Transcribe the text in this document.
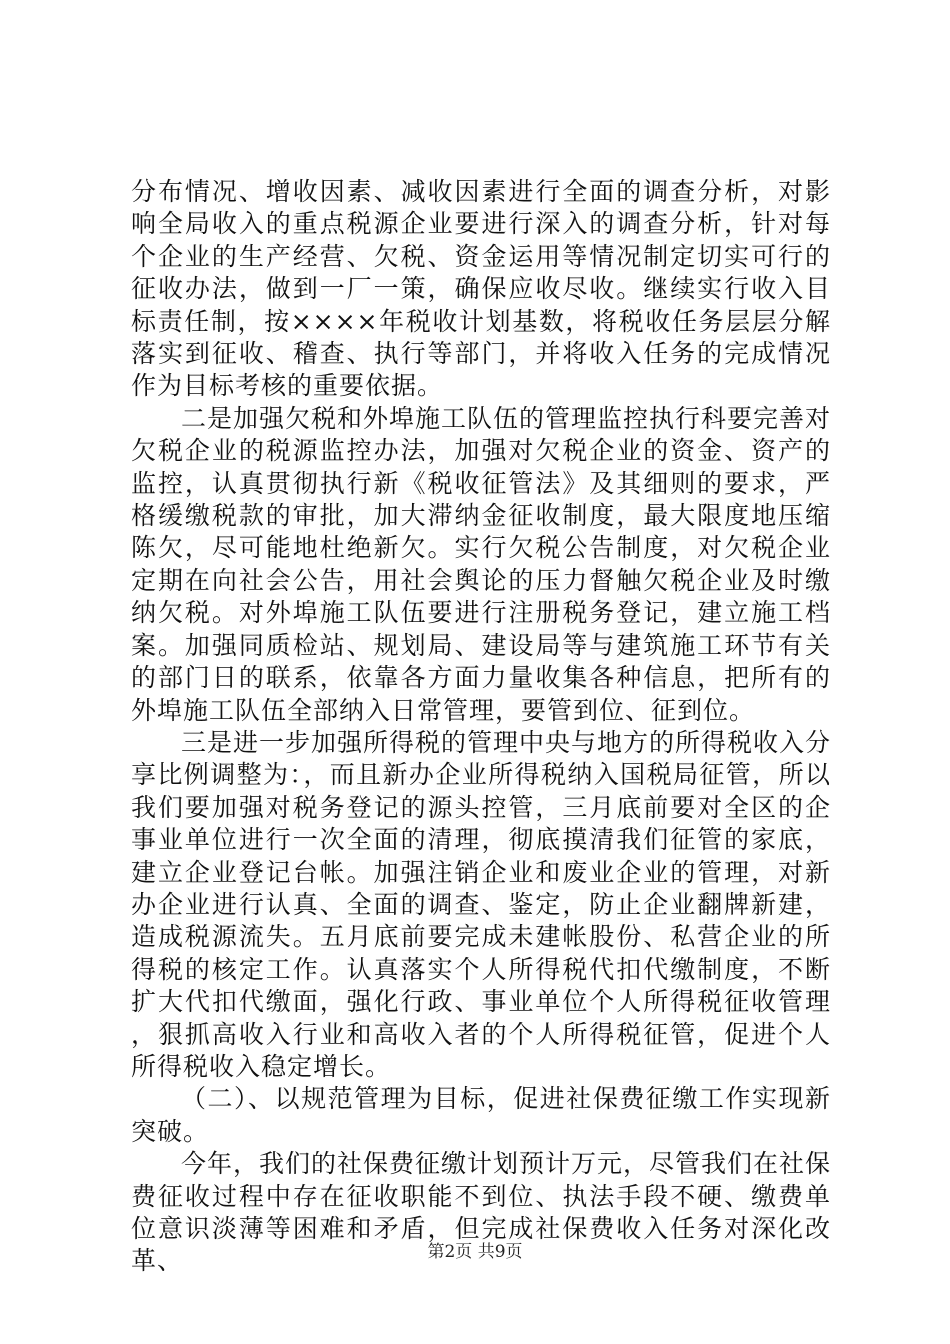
分布情况、增收因素、减收因素进行全面的调查分析，对影响全局收入的重点税源企业要进行深入的调查分析，针对每个企业的生产经营、欠税、资金运用等情况制定切实可行的征收办法，做到一厂一策，确保应收尽收。继续实行收入目标责任制，按××××年税收计划基数，将税收任务层层分解落实到征收、稽查、执行等部门，并将收入任务的完成情况作为目标考核的重要依据。

二是加强欠税和外埠施工队伍的管理监控执行科要完善对欠税企业的税源监控办法，加强对欠税企业的资金、资产的监控，认真贯彻执行新《税收征管法》及其细则的要求，严格缓缴税款的审批，加大滞纳金征收制度，最大限度地压缩陈欠，尽可能地杜绝新欠。实行欠税公告制度，对欠税企业定期在向社会公告，用社会舆论的压力督触欠税企业及时缴纳欠税。对外埠施工队伍要进行注册税务登记，建立施工档案。加强同质检站、规划局、建设局等与建筑施工环节有关的部门日的联系，依靠各方面力量收集各种信息，把所有的外埠施工队伍全部纳入日常管理，要管到位、征到位。

三是进一步加强所得税的管理中央与地方的所得税收入分享比例调整为：，而且新办企业所得税纳入国税局征管，所以我们要加强对税务登记的源头控管，三月底前要对全区的企事业单位进行一次全面的清理，彻底摸清我们征管的家底，建立企业登记台帐。加强注销企业和废业企业的管理，对新办企业进行认真、全面的调查、鉴定，防止企业翻牌新建，造成税源流失。五月底前要完成未建帐股份、私营企业的所得税的核定工作。认真落实个人所得税代扣代缴制度，不断扩大代扣代缴面，强化行政、事业单位个人所得税征收管理，狠抓高收入行业和高收入者的个人所得税征管，促进个人所得税收入稳定增长。

（二）、以规范管理为目标，促进社保费征缴工作实现新突破。

今年，我们的社保费征缴计划预计万元，尽管我们在社保费征收过程中存在征收职能不到位、执法手段不硬、缴费单位意识淡薄等困难和矛盾，但完成社保费收入任务对深化改革、	第2页 共9页
